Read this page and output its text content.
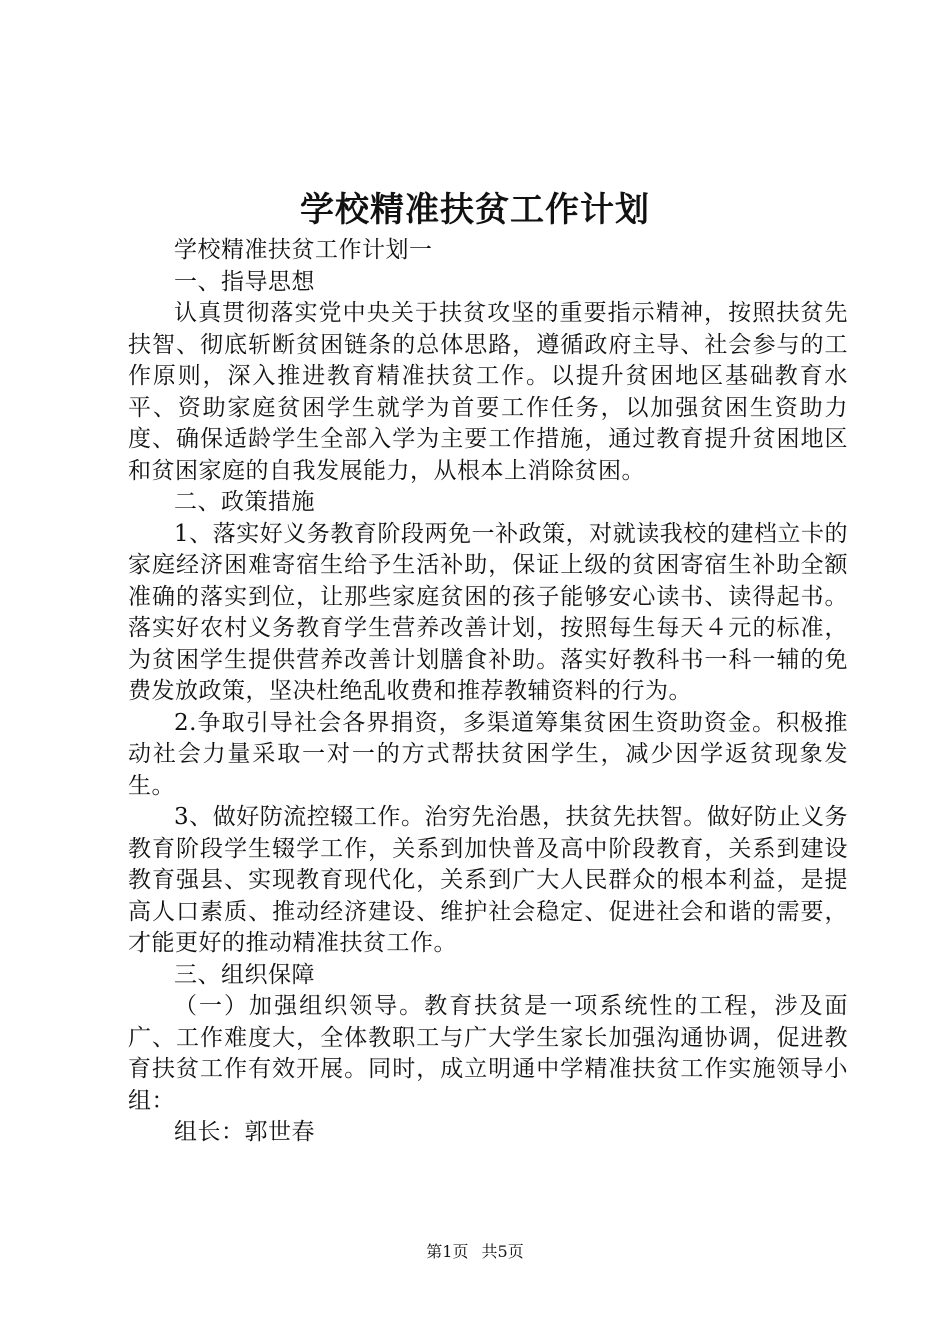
学校精准扶贫工作计划

学校精准扶贫工作计划一

一、指导思想

认真贯彻落实党中央关于扶贫攻坚的重要指示精神，按照扶贫先扶智、彻底斩断贫困链条的总体思路，遵循政府主导、社会参与的工作原则，深入推进教育精准扶贫工作。以提升贫困地区基础教育水平、资助家庭贫困学生就学为首要工作任务，以加强贫困生资助力度、确保适龄学生全部入学为主要工作措施，通过教育提升贫困地区和贫困家庭的自我发展能力，从根本上消除贫困。

二、政策措施

1、落实好义务教育阶段两免一补政策，对就读我校的建档立卡的家庭经济困难寄宿生给予生活补助，保证上级的贫困寄宿生补助全额准确的落实到位，让那些家庭贫困的孩子能够安心读书、读得起书。落实好农村义务教育学生营养改善计划，按照每生每天４元的标准，为贫困学生提供营养改善计划膳食补助。落实好教科书一科一辅的免费发放政策，坚决杜绝乱收费和推荐教辅资料的行为。

2.争取引导社会各界捐资，多渠道筹集贫困生资助资金。积极推动社会力量采取一对一的方式帮扶贫困学生，减少因学返贫现象发生。

3、做好防流控辍工作。治穷先治愚，扶贫先扶智。做好防止义务教育阶段学生辍学工作，关系到加快普及高中阶段教育，关系到建设教育强县、实现教育现代化，关系到广大人民群众的根本利益，是提高人口素质、推动经济建设、维护社会稳定、促进社会和谐的需要，才能更好的推动精准扶贫工作。

三、组织保障

（一）加强组织领导。教育扶贫是一项系统性的工程，涉及面广、工作难度大，全体教职工与广大学生家长加强沟通协调，促进教育扶贫工作有效开展。同时，成立明通中学精准扶贫工作实施领导小组：

组长：郭世春

第1页 共5页
